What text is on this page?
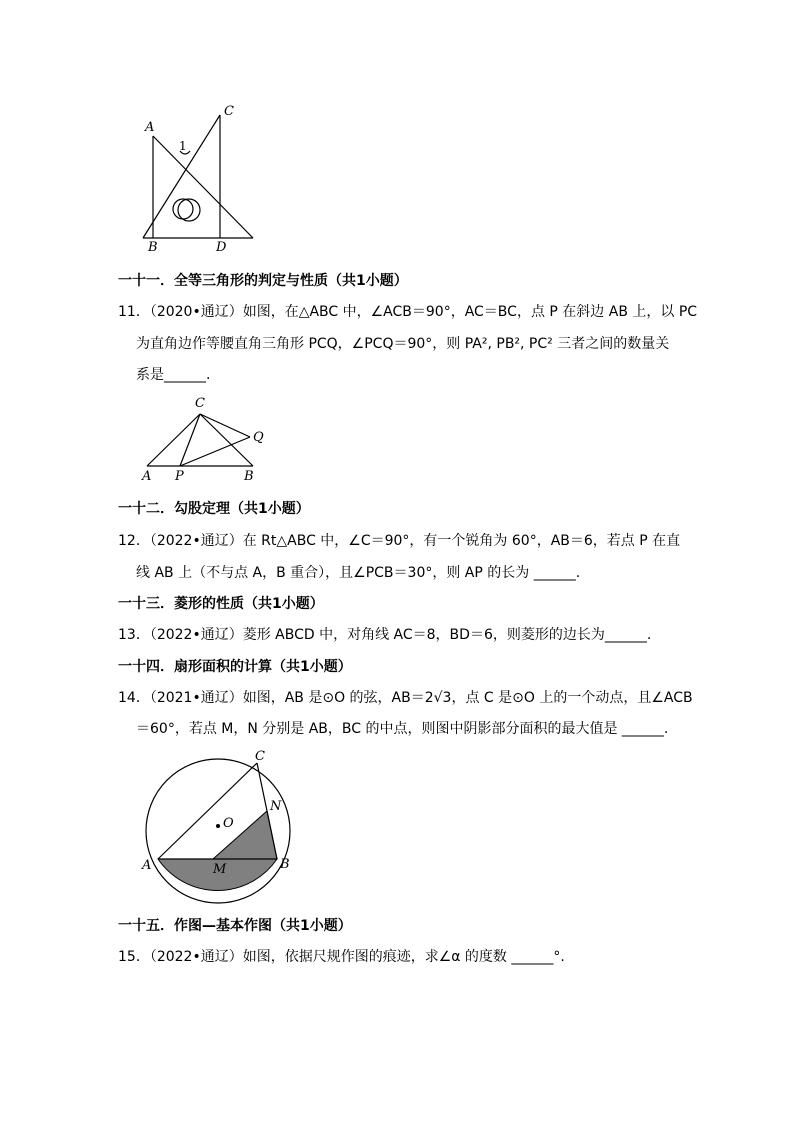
A
C
1
B	D
一十一．全等三角形的判定与性质（共1小题）
11．（2020•通辽）如图，在△ABC 中，∠ACB＝90°，AC＝BC，点 P 在斜边 AB 上，以 PC
为直角边作等腰直角三角形 PCQ，∠PCQ＝90°，则 PA², PB², PC² 三者之间的数量关
系是______.
C
Q
A P	B
一十二．勾股定理（共1小题）
12．（2022•通辽）在 Rt△ABC 中，∠C＝90°，有一个锐角为 60°，AB＝6，若点 P 在直
线 AB 上（不与点 A，B 重合），且∠PCB＝30°，则 AP 的长为 ______.
一十三．菱形的性质（共1小题）
13．（2022•通辽）菱形 ABCD 中，对角线 AC＝8，BD＝6，则菱形的边长为______.
一十四．扇形面积的计算（共1小题）
14．（2021•通辽）如图，AB 是⊙O 的弦，AB＝2√3，点 C 是⊙O 上的一个动点，且∠ACB
＝60°，若点 M，N 分别是 AB，BC 的中点，则图中阴影部分面积的最大值是 ______.
C
N
O
A	M	B
一十五．作图—基本作图（共1小题）
15．（2022•通辽）如图，依据尺规作图的痕迹，求∠α 的度数 ______°.
